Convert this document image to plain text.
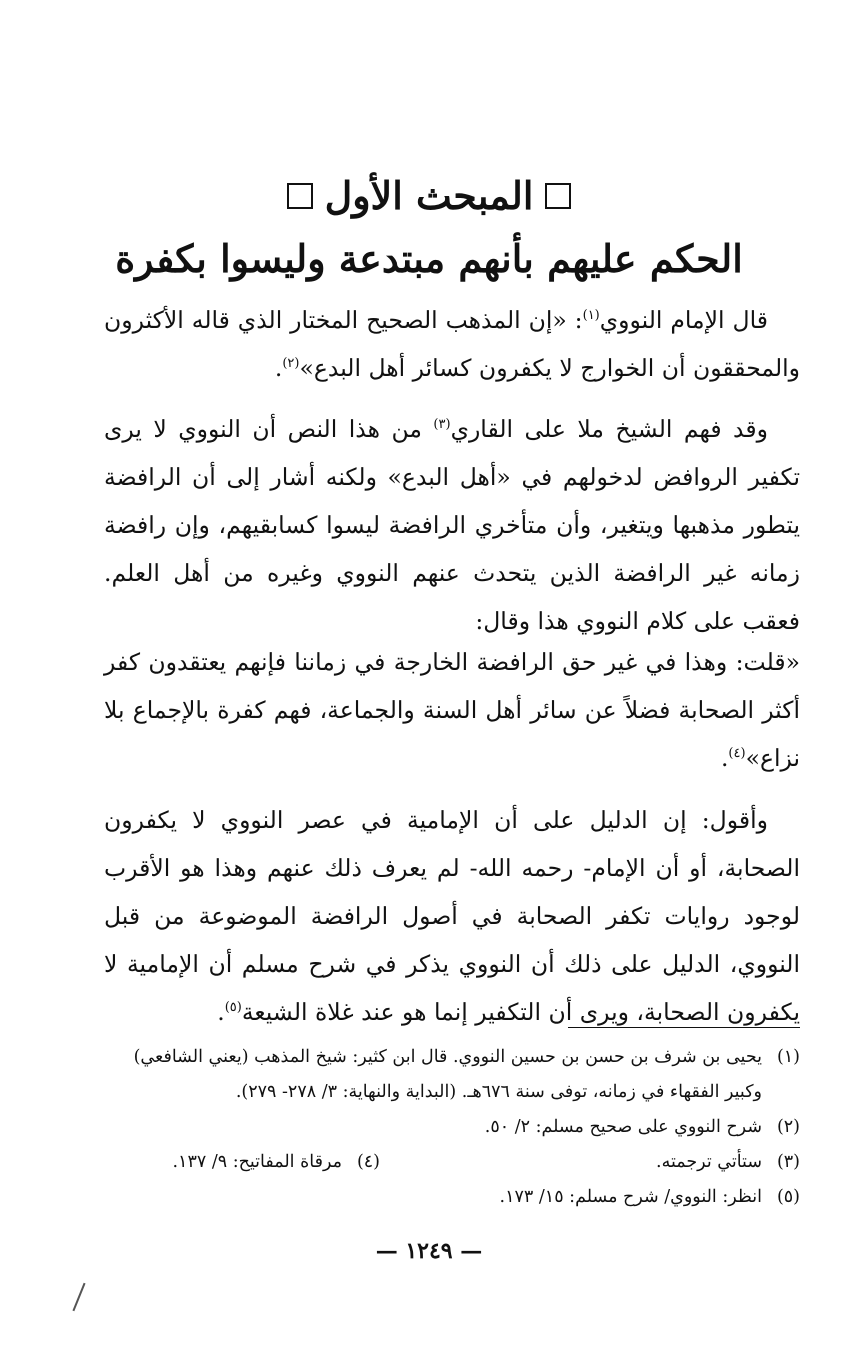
المبحث الأول
الحكم عليهم بأنهم مبتدعة وليسوا بكفرة
قال الإمام النووي$^{(١)}$: «إن المذهب الصحيح المختار الذي قاله الأكثرون والمحققون أن الخوارج لا يكفرون كسائر أهل البدع»$^{(٢)}$.
وقد فهم الشيخ ملا على القاري$^{(٣)}$ من هذا النص أن النووي لا يرى تكفير الروافض لدخولهم في «أهل البدع» ولكنه أشار إلى أن الرافضة يتطور مذهبها ويتغير، وأن متأخري الرافضة ليسوا كسابقيهم، وإن رافضة زمانه غير الرافضة الذين يتحدث عنهم النووي وغيره من أهل العلم. فعقب على كلام النووي هذا وقال:
«قلت: وهذا في غير حق الرافضة الخارجة في زماننا فإنهم يعتقدون كفر أكثر الصحابة فضلاً عن سائر أهل السنة والجماعة، فهم كفرة بالإجماع بلا نزاع»$^{(٤)}$.
وأقول: إن الدليل على أن الإمامية في عصر النووي لا يكفرون الصحابة، أو أن الإمام- رحمه الله- لم يعرف ذلك عنهم وهذا هو الأقرب لوجود روايات تكفر الصحابة في أصول الرافضة الموضوعة من قبل النووي، الدليل على ذلك أن النووي يذكر في شرح مسلم أن الإمامية لا يكفرون الصحابة، ويرى أن التكفير إنما هو عند غلاة الشيعة$^{(٥)}$.
(١)
يحيى بن شرف بن حسن بن حسين النووي. قال ابن كثير: شيخ المذهب (يعني الشافعي) وكبير الفقهاء في زمانه، توفى سنة ٦٧٦هـ. (البداية والنهاية: ٣/ ٢٧٨- ٢٧٩).
(٢)
شرح النووي على صحيح مسلم: ٢/ ٥٠.
(٣)
ستأتي ترجمته.
(٤)
مرقاة المفاتيح: ٩/ ١٣٧.
(٥)
انظر: النووي/ شرح مسلم: ١٥/ ١٧٣.
— ١٢٤٩ —
